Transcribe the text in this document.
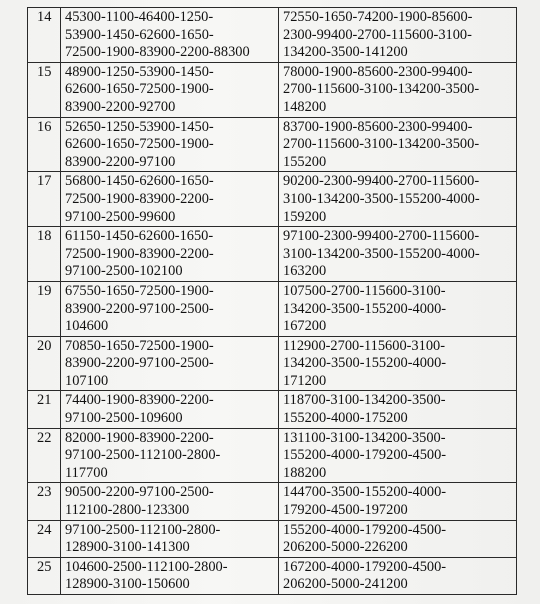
14	45300-1100-46400-1250-
53900-1450-62600-1650-
72500-1900-83900-2200-88300	72550-1650-74200-1900-85600-
2300-99400-2700-115600-3100-
134200-3500-141200
15	48900-1250-53900-1450-
62600-1650-72500-1900-
83900-2200-92700	78000-1900-85600-2300-99400-
2700-115600-3100-134200-3500-
148200
16	52650-1250-53900-1450-
62600-1650-72500-1900-
83900-2200-97100	83700-1900-85600-2300-99400-
2700-115600-3100-134200-3500-
155200
17	56800-1450-62600-1650-
72500-1900-83900-2200-
97100-2500-99600	90200-2300-99400-2700-115600-
3100-134200-3500-155200-4000-
159200
18	61150-1450-62600-1650-
72500-1900-83900-2200-
97100-2500-102100	97100-2300-99400-2700-115600-
3100-134200-3500-155200-4000-
163200
19	67550-1650-72500-1900-
83900-2200-97100-2500-
104600	107500-2700-115600-3100-
134200-3500-155200-4000-
167200
20	70850-1650-72500-1900-
83900-2200-97100-2500-
107100	112900-2700-115600-3100-
134200-3500-155200-4000-
171200
21	74400-1900-83900-2200-
97100-2500-109600	118700-3100-134200-3500-
155200-4000-175200
22	82000-1900-83900-2200-
97100-2500-112100-2800-
117700	131100-3100-134200-3500-
155200-4000-179200-4500-
188200
23	90500-2200-97100-2500-
112100-2800-123300	144700-3500-155200-4000-
179200-4500-197200
24	97100-2500-112100-2800-
128900-3100-141300	155200-4000-179200-4500-
206200-5000-226200
25	104600-2500-112100-2800-
128900-3100-150600	167200-4000-179200-4500-
206200-5000-241200
